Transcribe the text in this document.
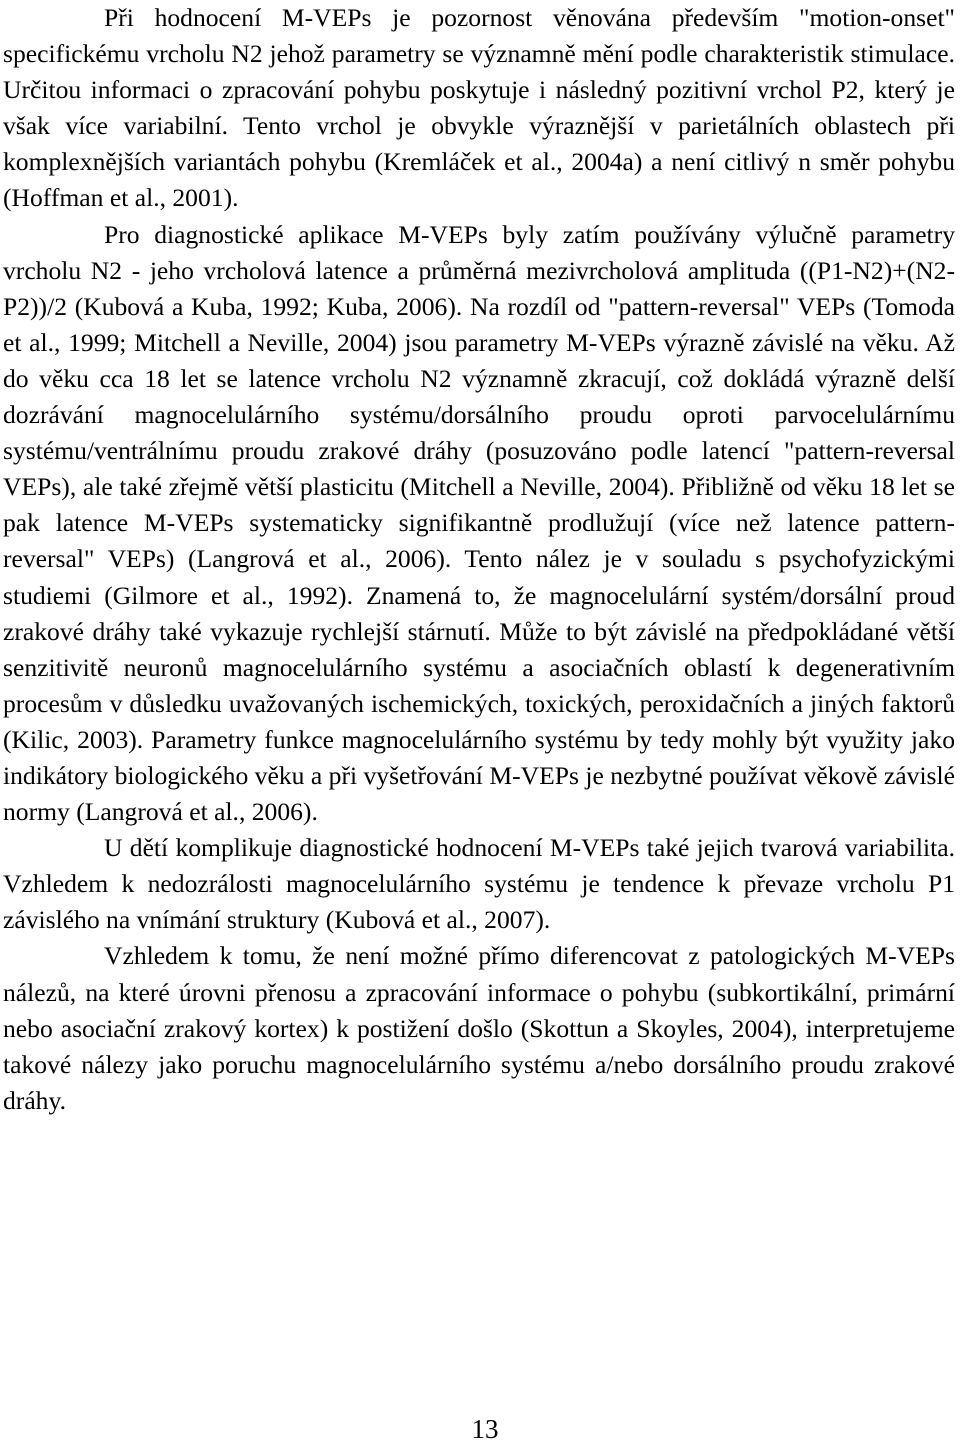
Při hodnocení M-VEPs je pozornost věnována především "motion-onset" specifickému vrcholu N2 jehož parametry se významně mění podle charakteristik stimulace. Určitou informaci o zpracování pohybu poskytuje i následný pozitivní vrchol P2, který je však více variabilní. Tento vrchol je obvykle výraznější v parietálních oblastech při komplexnějších variantách pohybu (Kremláček et al., 2004a) a není citlivý n směr pohybu (Hoffman et al., 2001).

Pro diagnostické aplikace M-VEPs byly zatím používány výlučně parametry vrcholu N2 - jeho vrcholová latence a průměrná mezivrcholová amplituda ((P1-N2)+(N2-P2))/2 (Kubová a Kuba, 1992; Kuba, 2006). Na rozdíl od "pattern-reversal" VEPs (Tomoda et al., 1999; Mitchell a Neville, 2004) jsou parametry M-VEPs výrazně závislé na věku. Až do věku cca 18 let se latence vrcholu N2 významně zkracují, což dokládá výrazně delší dozrávání magnocelulárního systému/dorsálního proudu oproti parvocelulárnímu systému/ventrálnímu proudu zrakové dráhy (posuzováno podle latencí "pattern-reversal VEPs), ale také zřejmě větší plasticitu (Mitchell a Neville, 2004). Přibližně od věku 18 let se pak latence M-VEPs systematicky signifikantně prodlužují (více než latence pattern-reversal" VEPs) (Langrová et al., 2006). Tento nález je v souladu s psychofyzickými studiemi (Gilmore et al., 1992). Znamená to, že magnocelulární systém/dorsální proud zrakové dráhy také vykazuje rychlejší stárnutí. Může to být závislé na předpokládané větší senzitivitě neuronů magnocelulárního systému a asociačních oblastí k degenerativním procesům v důsledku uvažovaných ischemických, toxických, peroxidačních a jiných faktorů (Kilic, 2003). Parametry funkce magnocelulárního systému by tedy mohly být využity jako indikátory biologického věku a při vyšetřování M-VEPs je nezbytné používat věkově závislé normy (Langrová et al., 2006).

U dětí komplikuje diagnostické hodnocení M-VEPs také jejich tvarová variabilita. Vzhledem k nedozrálosti magnocelulárního systému je tendence k převaze vrcholu P1 závislého na vnímání struktury (Kubová et al., 2007).

Vzhledem k tomu, že není možné přímo diferencovat z patologických M-VEPs nálezů, na které úrovni přenosu a zpracování informace o pohybu (subkortikální, primární nebo asociační zrakový kortex) k postižení došlo (Skottun a Skoyles, 2004), interpretujeme takové nálezy jako poruchu magnocelulárního systému a/nebo dorsálního proudu zrakové dráhy.

13
